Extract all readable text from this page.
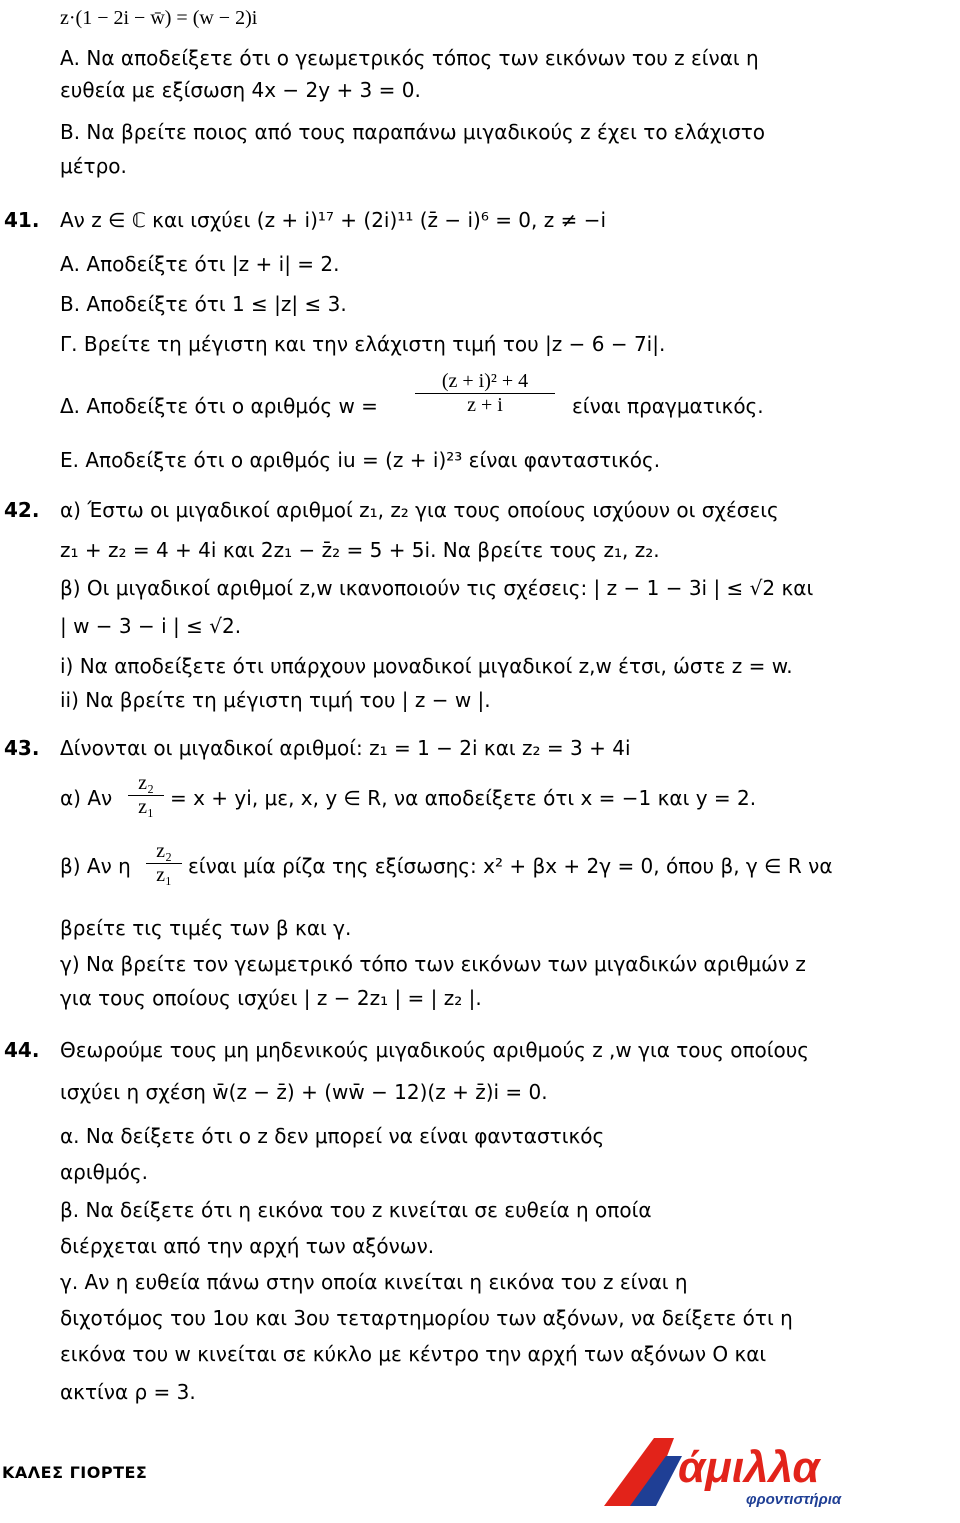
z·(1 − 2i − w̄) = (w − 2)i
Α. Να αποδείξετε ότι ο γεωμετρικός τόπος των εικόνων του z είναι η
ευθεία με εξίσωση 4x − 2y + 3 = 0.
Β. Να βρείτε ποιος από τους παραπάνω μιγαδικούς z έχει το ελάχιστο
μέτρο.
41. Αν z ∈ ℂ και ισχύει (z + i)¹⁷ + (2i)¹¹ (z̄ − i)⁶ = 0, z ≠ −i
Α. Αποδείξτε ότι |z + i| = 2.
Β. Αποδείξτε ότι 1 ≤ |z| ≤ 3.
Γ. Βρείτε τη μέγιστη και την ελάχιστη τιμή του |z − 6 − 7i|.
Δ. Αποδείξτε ότι ο αριθμός w =
(z + i)² + 4
z + i	είναι πραγματικός.
Ε. Αποδείξτε ότι ο αριθμός iu = (z + i)²³ είναι φανταστικός.
42. α) Έστω οι μιγαδικοί αριθμοί z₁, z₂ για τους οποίους ισχύουν οι σχέσεις
z₁ + z₂ = 4 + 4i και 2z₁ − z̄₂ = 5 + 5i. Να βρείτε τους z₁, z₂.
β) Οι μιγαδικοί αριθμοί z,w ικανοποιούν τις σχέσεις: | z − 1 − 3i | ≤ √2 και
| w − 3 − i | ≤ √2.
i) Να αποδείξετε ότι υπάρχουν μοναδικοί μιγαδικοί z,w έτσι, ώστε z = w.
ii) Να βρείτε τη μέγιστη τιμή του | z − w |.
43. Δίνονται οι μιγαδικοί αριθμοί: z₁ = 1 − 2i και z₂ = 3 + 4i
α) Αν
z₂
z₁ = x + yi, με, x, y ∈ R, να αποδείξετε ότι x = −1 και y = 2.
β) Αν η
z₂
z₁ είναι μία ρίζα της εξίσωσης: x² + βx + 2γ = 0, όπου β, γ ∈ R να
βρείτε τις τιμές των β και γ.
γ) Να βρείτε τον γεωμετρικό τόπο των εικόνων των μιγαδικών αριθμών z
για τους οποίους ισχύει | z − 2z₁ | = | z₂ |.
44. Θεωρούμε τους μη μηδενικούς μιγαδικούς αριθμούς z ,w για τους οποίους
ισχύει η σχέση w̄(z − z̄) + (ww̄ − 12)(z + z̄)i = 0.
α. Να δείξετε ότι ο z δεν μπορεί να είναι φανταστικός
αριθμός.
β. Να δείξετε ότι η εικόνα του z κινείται σε ευθεία η οποία
διέρχεται από την αρχή των αξόνων.
γ. Αν η ευθεία πάνω στην οποία κινείται η εικόνα του z είναι η
διχοτόμος του 1ου και 3ου τεταρτημορίου των αξόνων, να δείξετε ότι η
εικόνα του w κινείται σε κύκλο με κέντρο την αρχή των αξόνων Ο και
ακτίνα ρ = 3.
ΚΑΛΕΣ ΓΙΟΡΤΕΣ	άμιλλα
φροντιστήρια
